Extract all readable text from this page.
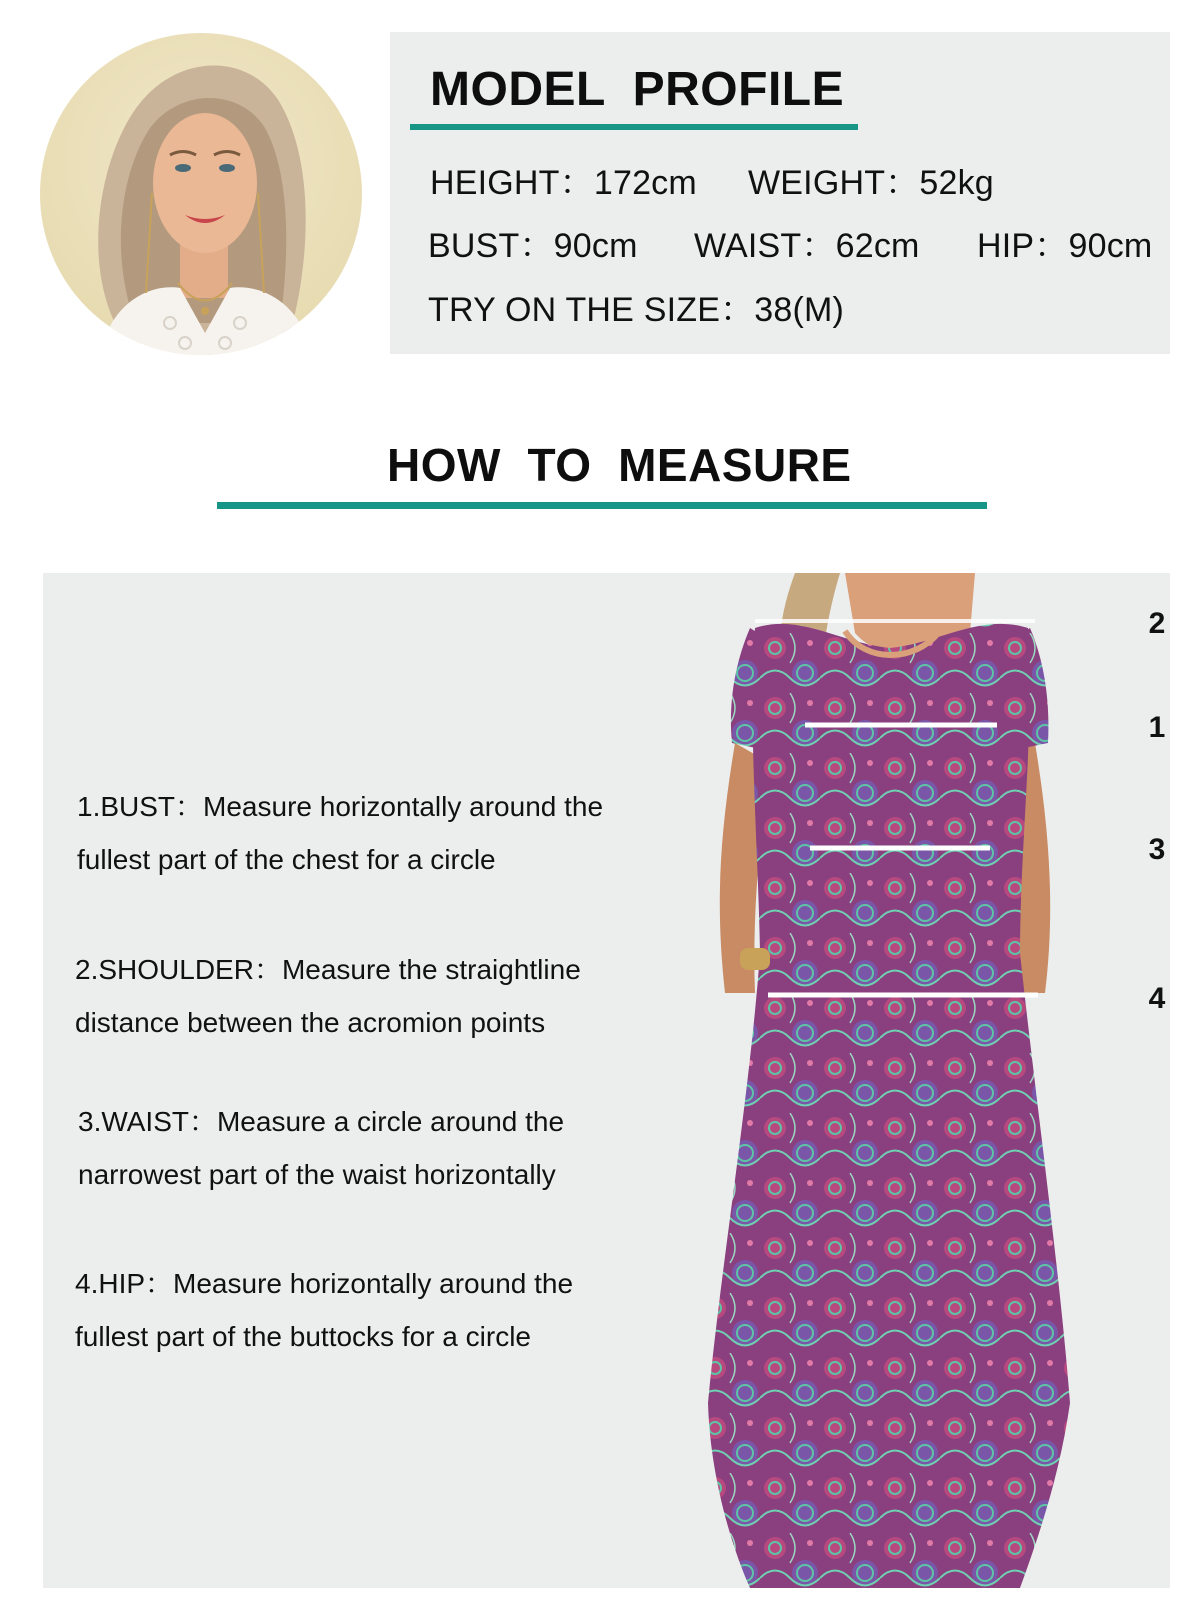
MODEL  PROFILE
HEIGHT：172cm WEIGHT：52kg
BUST：90cm WAIST：62cm HIP：90cm
TRY ON THE SIZE：38(M)
HOW  TO  MEASURE
1.BUST：Measure horizontally around the
fullest part of the chest for a circle
2.SHOULDER：Measure the straightline
distance between the acromion points
3.WAIST：Measure a circle around the
narrowest part of the waist horizontally
4.HIP：Measure horizontally around the
fullest part of the buttocks for a circle
2
1
3
4
